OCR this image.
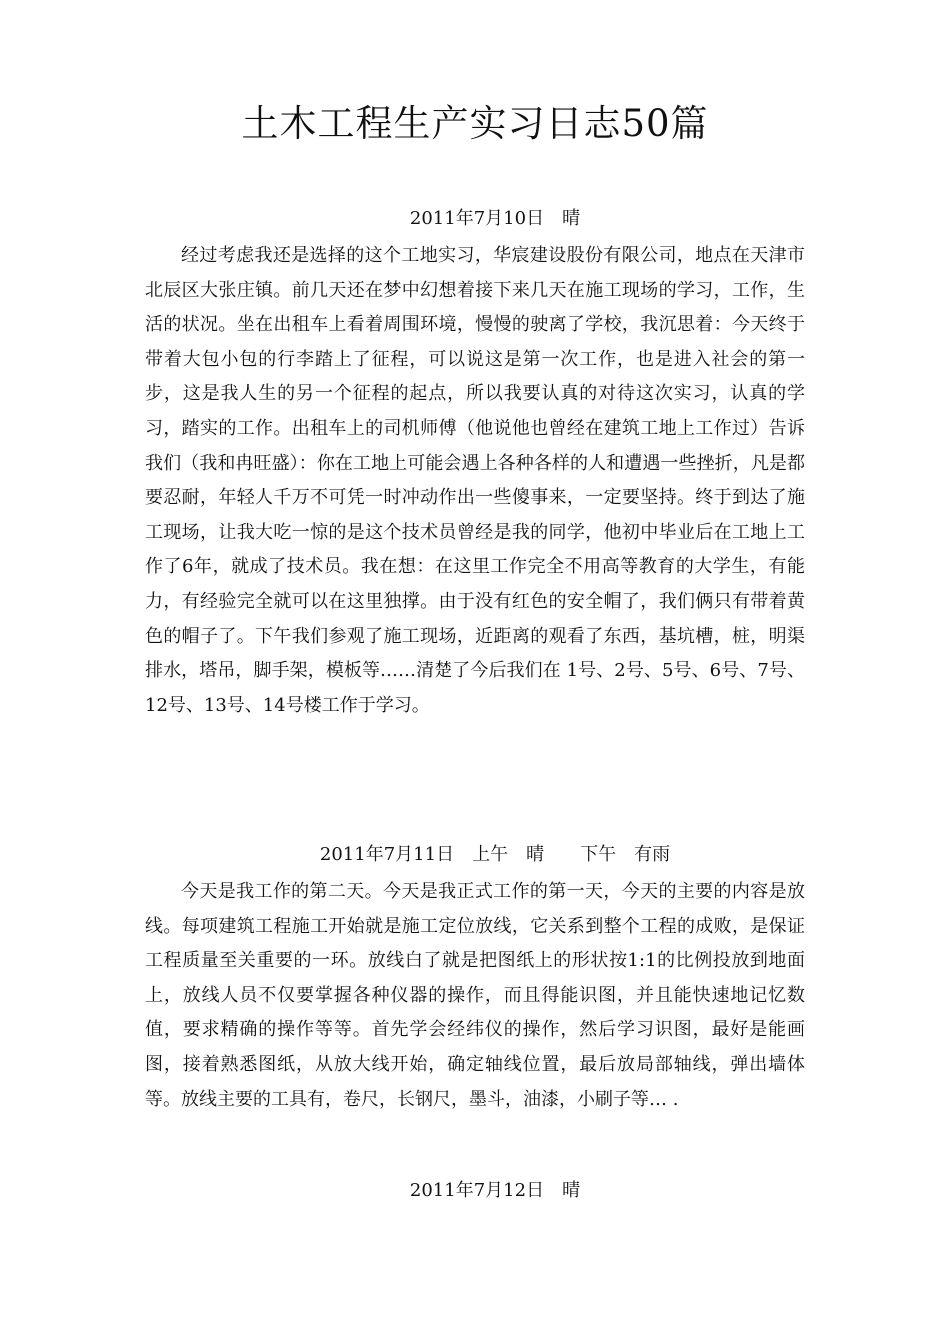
土木工程生产实习日志50篇

2011年7月10日　晴

经过考虑我还是选择的这个工地实习，华宸建设股份有限公司，地点在天津市北辰区大张庄镇。前几天还在梦中幻想着接下来几天在施工现场的学习，工作，生活的状况。坐在出租车上看着周围环境，慢慢的驶离了学校，我沉思着：今天终于带着大包小包的行李踏上了征程，可以说这是第一次工作，也是进入社会的第一步，这是我人生的另一个征程的起点，所以我要认真的对待这次实习，认真的学习，踏实的工作。出租车上的司机师傅（他说他也曾经在建筑工地上工作过）告诉我们（我和冉旺盛）：你在工地上可能会遇上各种各样的人和遭遇一些挫折，凡是都要忍耐，年轻人千万不可凭一时冲动作出一些傻事来，一定要坚持。终于到达了施工现场，让我大吃一惊的是这个技术员曾经是我的同学，他初中毕业后在工地上工作了6年，就成了技术员。我在想：在这里工作完全不用高等教育的大学生，有能力，有经验完全就可以在这里独撑。由于没有红色的安全帽了，我们俩只有带着黄色的帽子了。下午我们参观了施工现场，近距离的观看了东西，基坑槽，桩，明渠排水，塔吊，脚手架，模板等……清楚了今后我们在 1号、2号、5号、6号、7号、12号、13号、14号楼工作于学习。

2011年7月11日　上午　晴　　下午　有雨

今天是我工作的第二天。今天是我正式工作的第一天，今天的主要的内容是放线。每项建筑工程施工开始就是施工定位放线，它关系到整个工程的成败，是保证工程质量至关重要的一环。放线白了就是把图纸上的形状按1:1的比例投放到地面上，放线人员不仅要掌握各种仪器的操作，而且得能识图，并且能快速地记忆数值，要求精确的操作等等。首先学会经纬仪的操作，然后学习识图，最好是能画图，接着熟悉图纸，从放大线开始，确定轴线位置，最后放局部轴线，弹出墙体等。放线主要的工具有，卷尺，长钢尺，墨斗，油漆，小刷子等… .

2011年7月12日　晴
